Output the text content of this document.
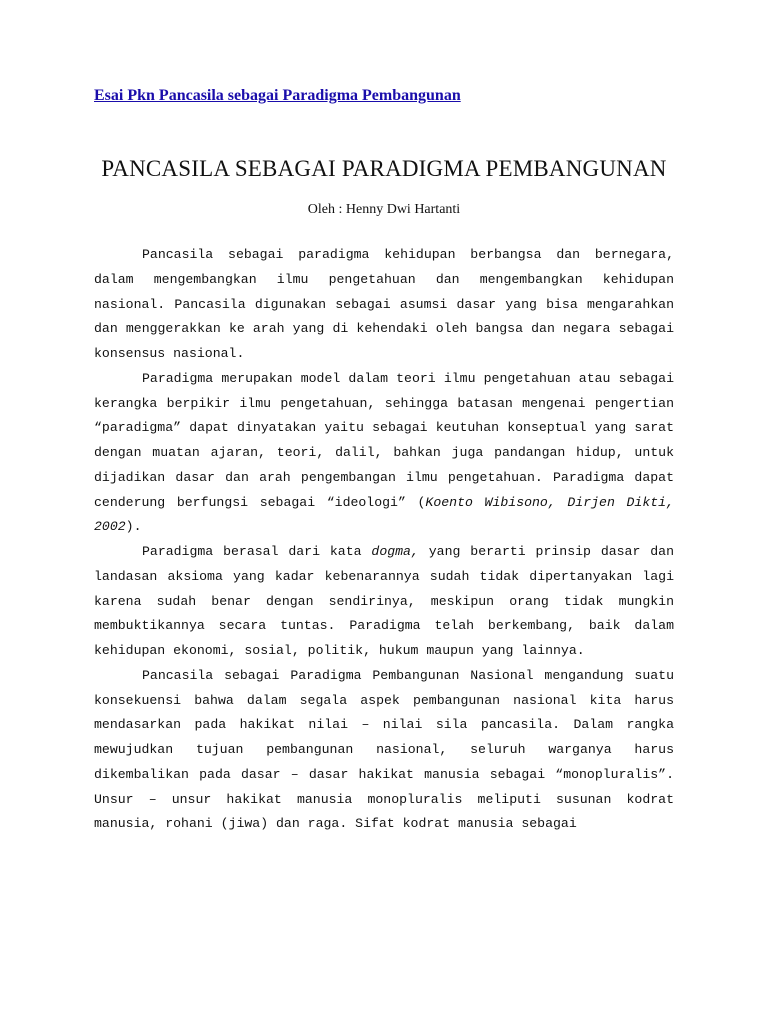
Esai Pkn Pancasila sebagai Paradigma Pembangunan
PANCASILA SEBAGAI PARADIGMA PEMBANGUNAN
Oleh : Henny Dwi Hartanti

Pancasila sebagai paradigma kehidupan berbangsa dan bernegara, dalam mengembangkan ilmu pengetahuan dan mengembangkan kehidupan nasional. Pancasila digunakan sebagai asumsi dasar yang bisa mengarahkan dan menggerakkan ke arah yang di kehendaki oleh bangsa dan negara sebagai konsensus nasional.

Paradigma merupakan model dalam teori ilmu pengetahuan atau sebagai kerangka berpikir ilmu pengetahuan, sehingga batasan mengenai pengertian “paradigma” dapat dinyatakan yaitu sebagai keutuhan konseptual yang sarat dengan muatan ajaran, teori, dalil, bahkan juga pandangan hidup, untuk dijadikan dasar dan arah pengembangan ilmu pengetahuan. Paradigma dapat cenderung berfungsi sebagai “ideologi” (Koento Wibisono, Dirjen Dikti, 2002).

Paradigma berasal dari kata dogma, yang berarti prinsip dasar dan landasan aksioma yang kadar kebenarannya sudah tidak dipertanyakan lagi karena sudah benar dengan sendirinya, meskipun orang tidak mungkin membuktikannya secara tuntas. Paradigma telah berkembang, baik dalam kehidupan ekonomi, sosial, politik, hukum maupun yang lainnya.

Pancasila sebagai Paradigma Pembangunan Nasional mengandung suatu konsekuensi bahwa dalam segala aspek pembangunan nasional kita harus mendasarkan pada hakikat nilai – nilai sila pancasila. Dalam rangka mewujudkan tujuan pembangunan nasional, seluruh warganya harus dikembalikan pada dasar – dasar hakikat manusia sebagai “monopluralis”. Unsur – unsur hakikat manusia monopluralis meliputi susunan kodrat manusia, rohani (jiwa) dan raga. Sifat kodrat manusia sebagai
